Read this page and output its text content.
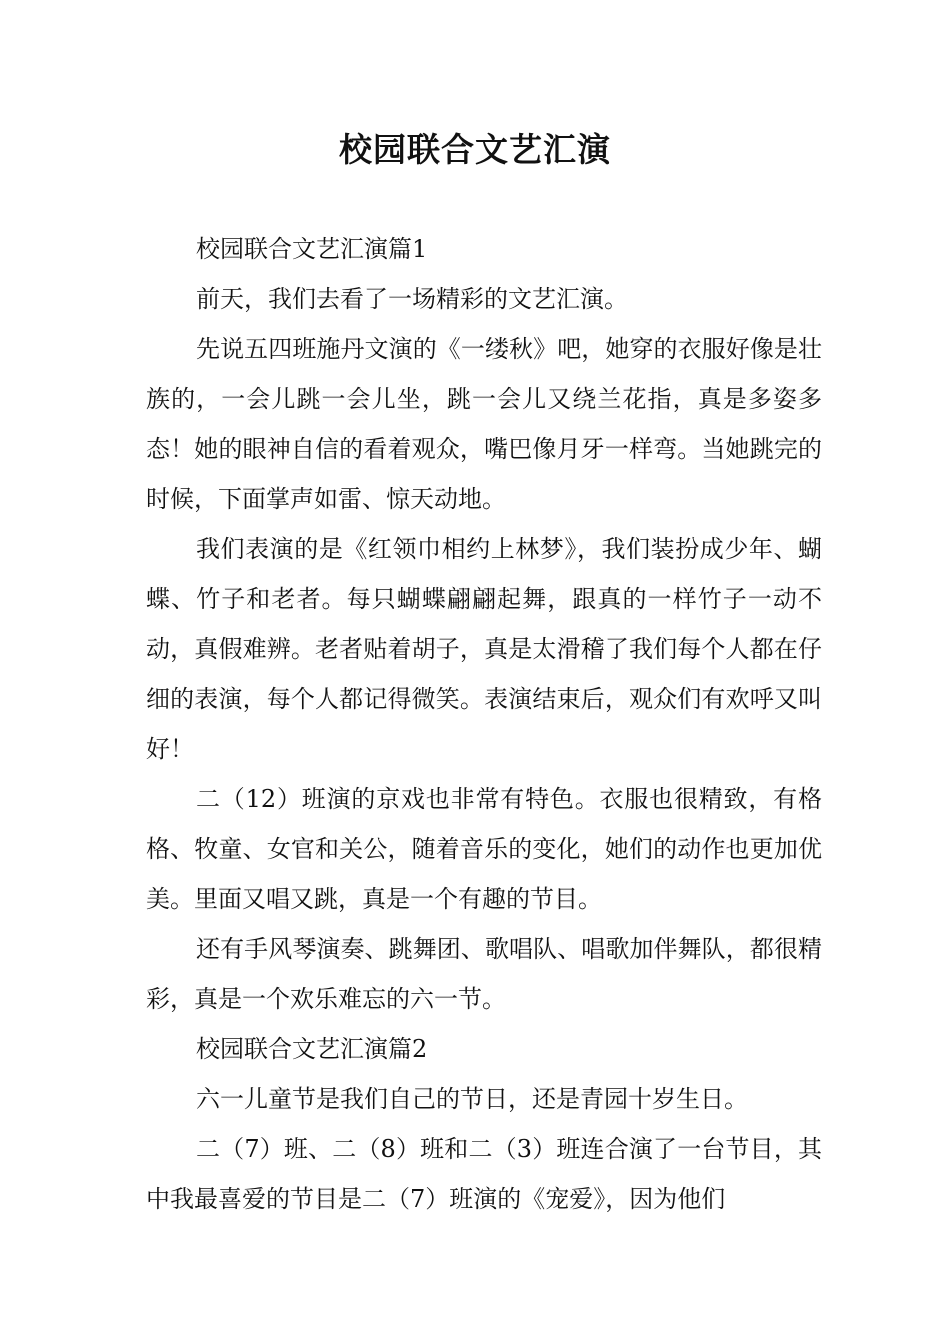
校园联合文艺汇演

校园联合文艺汇演篇1

前天，我们去看了一场精彩的文艺汇演。

先说五四班施丹文演的《一缕秋》吧，她穿的衣服好像是壮族的，一会儿跳一会儿坐，跳一会儿又绕兰花指，真是多姿多态！她的眼神自信的看着观众，嘴巴像月牙一样弯。当她跳完的时候，下面掌声如雷、惊天动地。

我们表演的是《红领巾相约上林梦》，我们装扮成少年、蝴蝶、竹子和老者。每只蝴蝶翩翩起舞，跟真的一样竹子一动不动，真假难辨。老者贴着胡子，真是太滑稽了我们每个人都在仔细的表演，每个人都记得微笑。表演结束后，观众们有欢呼又叫好！

二（12）班演的京戏也非常有特色。衣服也很精致，有格格、牧童、女官和关公，随着音乐的变化，她们的动作也更加优美。里面又唱又跳，真是一个有趣的节目。

还有手风琴演奏、跳舞团、歌唱队、唱歌加伴舞队，都很精彩，真是一个欢乐难忘的六一节。

校园联合文艺汇演篇2

六一儿童节是我们自己的节日，还是青园十岁生日。

二（7）班、二（8）班和二（3）班连合演了一台节目，其中我最喜爱的节目是二（7）班演的《宠爱》，因为他们
